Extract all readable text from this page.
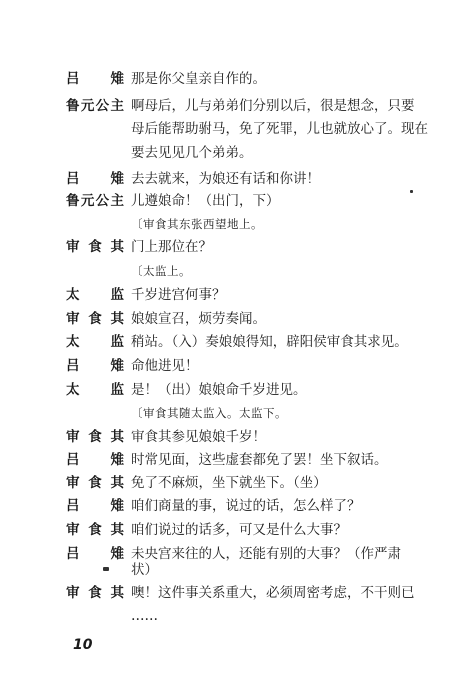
吕 雉 那是你父皇亲自作的。
鲁 元 公 主 啊母后，儿与弟弟们分别以后，很是想念，只要
母后能帮助驸马，免了死罪，儿也就放心了。现在
要去见见几个弟弟。
吕 雉 去去就来，为娘还有话和你讲！
鲁 元 公 主 儿遵娘命！（出门，下）
〔审食其东张西望地上。
审 食 其 门上那位在？
〔太监上。
太 监 千岁进宫何事？
审 食 其 娘娘宣召，烦劳奏闻。
太 监 稍站。（入）奏娘娘得知，辟阳侯审食其求见。
吕 雉 命他进见！
太 监 是！（出）娘娘命千岁进见。
〔审食其随太监入。太监下。
审 食 其 审食其参见娘娘千岁！
吕 雉 时常见面，这些虚套都免了罢！坐下叙话。
审 食 其 免了不麻烦，坐下就坐下。（坐）
吕 雉 咱们商量的事，说过的话，怎么样了？
审 食 其 咱们说过的话多，可又是什么大事？
吕 雉 未央宫来往的人，还能有别的大事？（作严肃
状）
审 食 其 噢！这件事关系重大，必须周密考虑，不干则已
……
10
